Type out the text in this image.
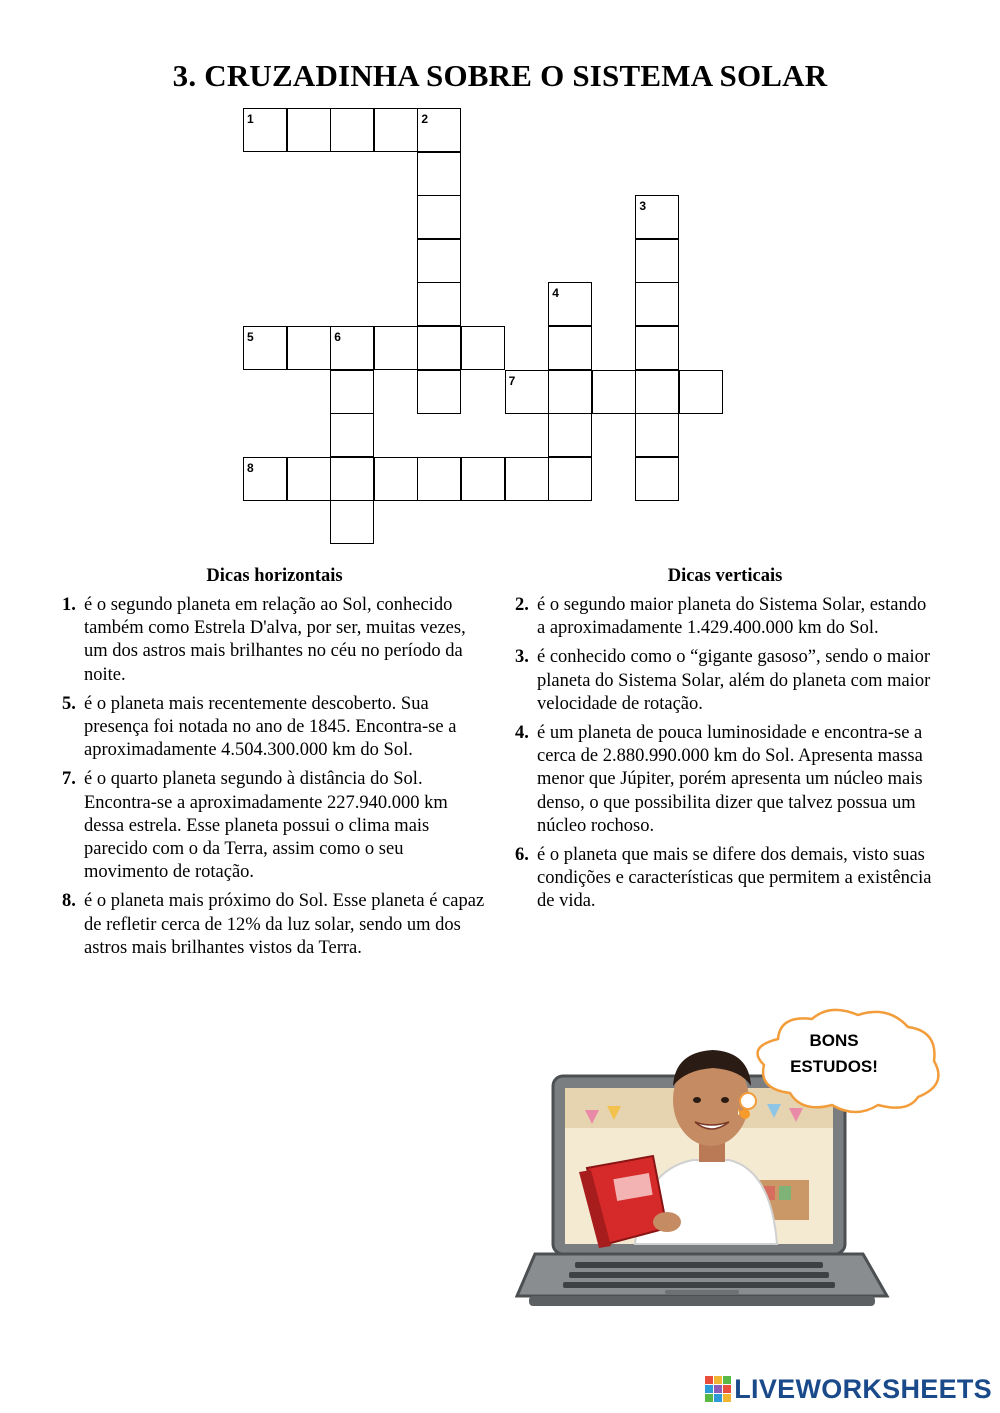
3. CRUZADINHA SOBRE O SISTEMA SOLAR
1	2
3
4
5	6
7
8
Dicas horizontais	Dicas verticais
1. é o segundo planeta em relação ao Sol, conhecido também como Estrela D'alva, por ser, muitas vezes, um dos astros mais brilhantes no céu no período da noite.
5. é o planeta mais recentemente descoberto. Sua presença foi notada no ano de 1845. Encontra-se a aproximadamente 4.504.300.000 km do Sol.
7. é o quarto planeta segundo à distância do Sol. Encontra-se a aproximadamente 227.940.000 km dessa estrela. Esse planeta possui o clima mais parecido com o da Terra, assim como o seu movimento de rotação.
8. é o planeta mais próximo do Sol. Esse planeta é capaz de refletir cerca de 12% da luz solar, sendo um dos astros mais brilhantes vistos da Terra.
2. é o segundo maior planeta do Sistema Solar, estando a aproximadamente 1.429.400.000 km do Sol.
3. é conhecido como o “gigante gasoso”, sendo o maior planeta do Sistema Solar, além do planeta com maior velocidade de rotação.
4. é um planeta de pouca luminosidade e encontra-se a cerca de 2.880.990.000 km do Sol. Apresenta massa menor que Júpiter, porém apresenta um núcleo mais denso, o que possibilita dizer que talvez possua um núcleo rochoso.
6. é o planeta que mais se difere dos demais, visto suas condições e características que permitem a existência de vida.
BONS
ESTUDOS!
LIVEWORKSHEETS
